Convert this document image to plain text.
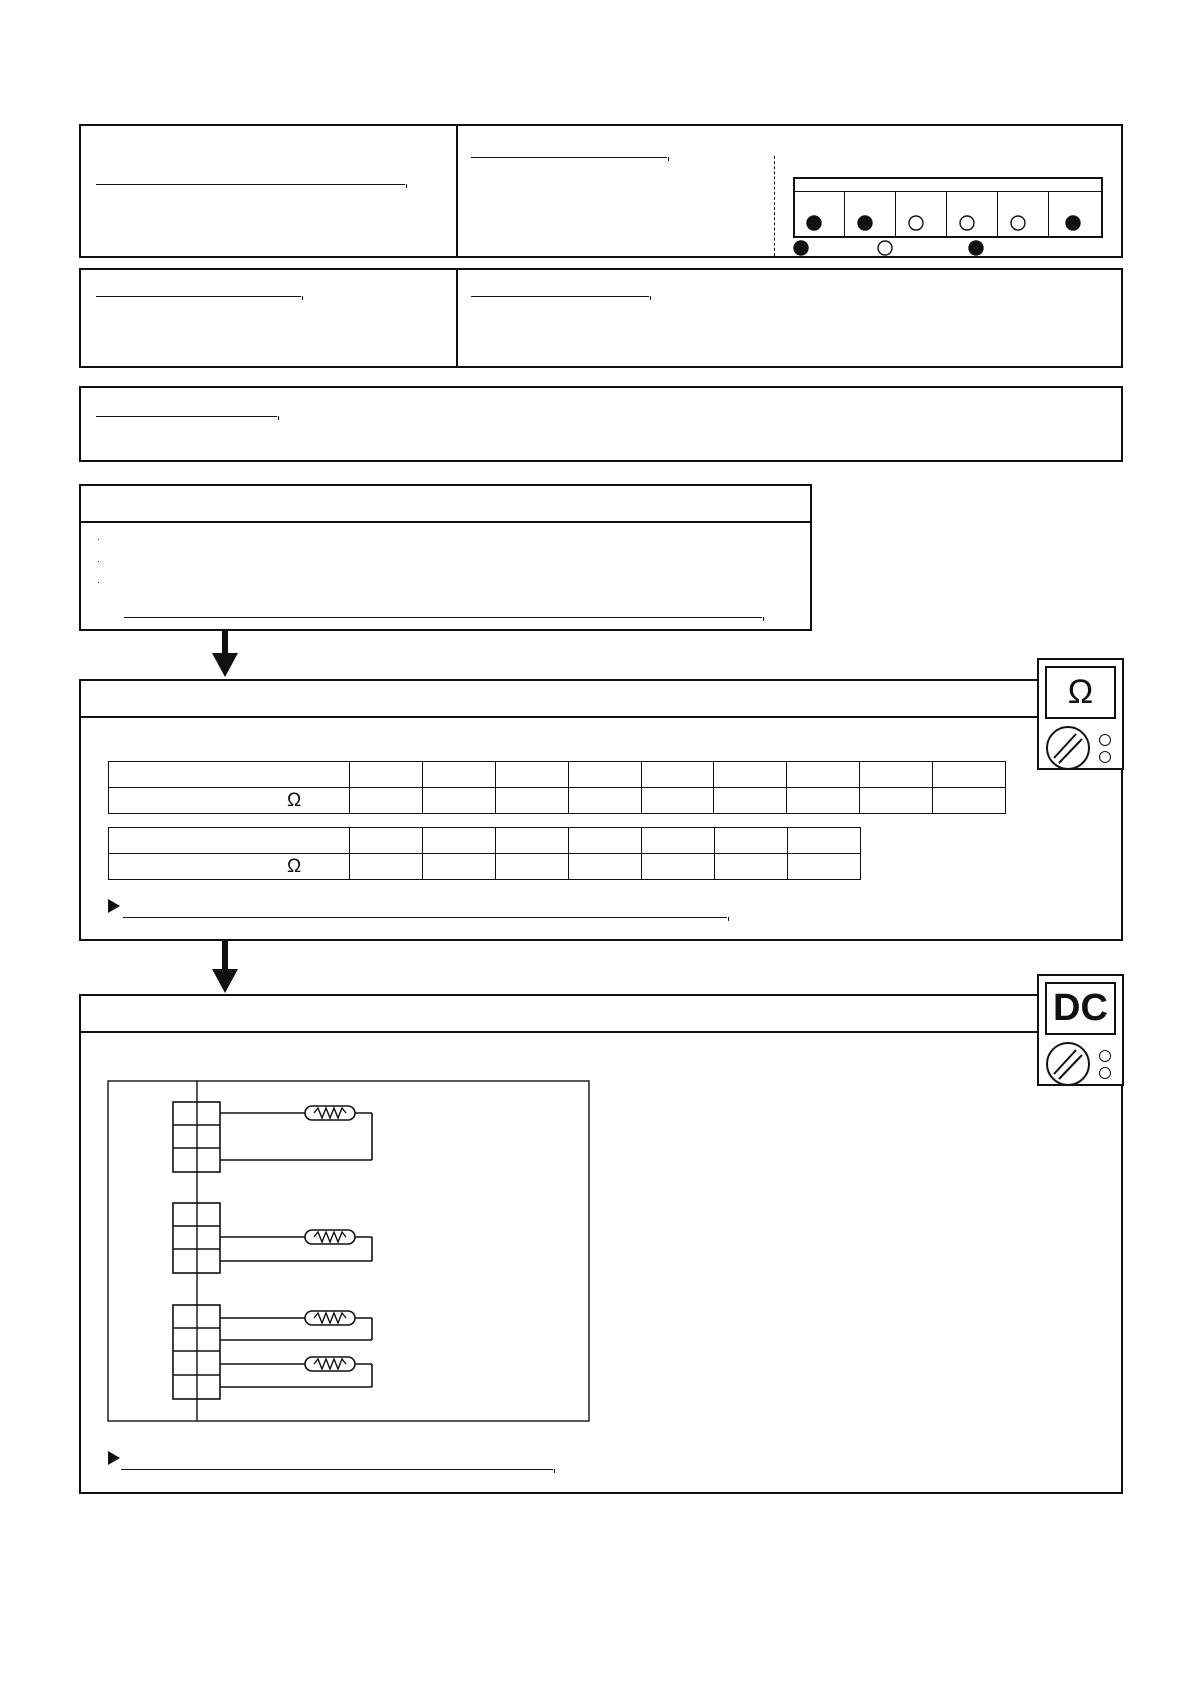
·
·
·

Ω									

Ω							

Ω
DC
